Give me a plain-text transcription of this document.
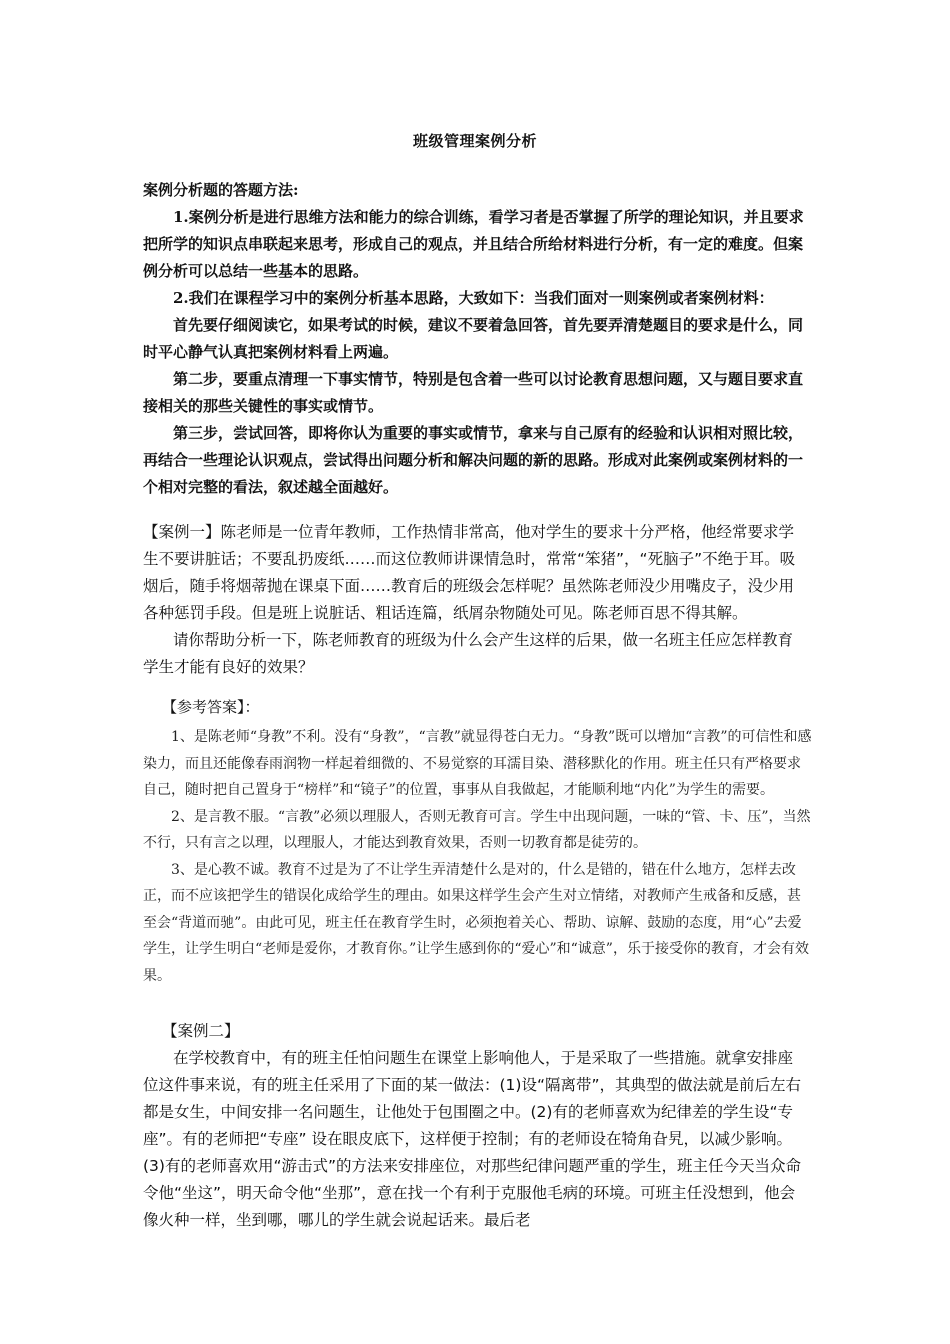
班级管理案例分析

案例分析题的答题方法:

1.案例分析是进行思维方法和能力的综合训练，看学习者是否掌握了所学的理论知识，并且要求把所学的知识点串联起来思考，形成自己的观点，并且结合所给材料进行分析，有一定的难度。但案例分析可以总结一些基本的思路。

2.我们在课程学习中的案例分析基本思路，大致如下：当我们面对一则案例或者案例材料：

首先要仔细阅读它，如果考试的时候，建议不要着急回答，首先要弄清楚题目的要求是什么，同时平心静气认真把案例材料看上两遍。

第二步，要重点清理一下事实情节，特别是包含着一些可以讨论教育思想问题，又与题目要求直接相关的那些关键性的事实或情节。

第三步，尝试回答，即将你认为重要的事实或情节，拿来与自己原有的经验和认识相对照比较，再结合一些理论认识观点，尝试得出问题分析和解决问题的新的思路。形成对此案例或案例材料的一个相对完整的看法，叙述越全面越好。

【案例一】陈老师是一位青年教师，工作热情非常高，他对学生的要求十分严格，他经常要求学生不要讲脏话；不要乱扔废纸……而这位教师讲课情急时，常常“笨猪”，“死脑子”不绝于耳。吸烟后，随手将烟蒂抛在课桌下面……教育后的班级会怎样呢？虽然陈老师没少用嘴皮子，没少用各种惩罚手段。但是班上说脏话、粗话连篇，纸屑杂物随处可见。陈老师百思不得其解。

请你帮助分析一下，陈老师教育的班级为什么会产生这样的后果，做一名班主任应怎样教育学生才能有良好的效果？

【参考答案】：

1、是陈老师“身教”不利。没有“身教”，“言教”就显得苍白无力。“身教”既可以增加“言教”的可信性和感染力，而且还能像春雨润物一样起着细微的、不易觉察的耳濡目染、潜移默化的作用。班主任只有严格要求自己，随时把自己置身于“榜样”和“镜子”的位置，事事从自我做起，才能顺利地“内化”为学生的需要。

2、是言教不服。“言教”必须以理服人，否则无教育可言。学生中出现问题，一味的“管、卡、压”，当然不行，只有言之以理，以理服人，才能达到教育效果，否则一切教育都是徒劳的。

3、是心教不诚。教育不过是为了不让学生弄清楚什么是对的，什么是错的，错在什么地方，怎样去改正，而不应该把学生的错误化成给学生的理由。如果这样学生会产生对立情绪，对教师产生戒备和反感，甚至会“背道而驰”。由此可见，班主任在教育学生时，必须抱着关心、帮助、谅解、鼓励的态度，用“心”去爱学生，让学生明白“老师是爱你，才教育你。”让学生感到你的“爱心”和“诚意”，乐于接受你的教育，才会有效果。

【案例二】

在学校教育中，有的班主任怕问题生在课堂上影响他人，于是采取了一些措施。就拿安排座位这件事来说，有的班主任采用了下面的某一做法：(1)设“隔离带”，其典型的做法就是前后左右都是女生，中间安排一名问题生，让他处于包围圈之中。(2)有的老师喜欢为纪律差的学生设“专座”。有的老师把“专座” 设在眼皮底下，这样便于控制；有的老师设在犄角旮旯，以减少影响。(3)有的老师喜欢用“游击式”的方法来安排座位，对那些纪律问题严重的学生，班主任今天当众命令他“坐这”，明天命令他“坐那”，意在找一个有利于克服他毛病的环境。可班主任没想到，他会像火种一样，坐到哪，哪儿的学生就会说起话来。最后老
